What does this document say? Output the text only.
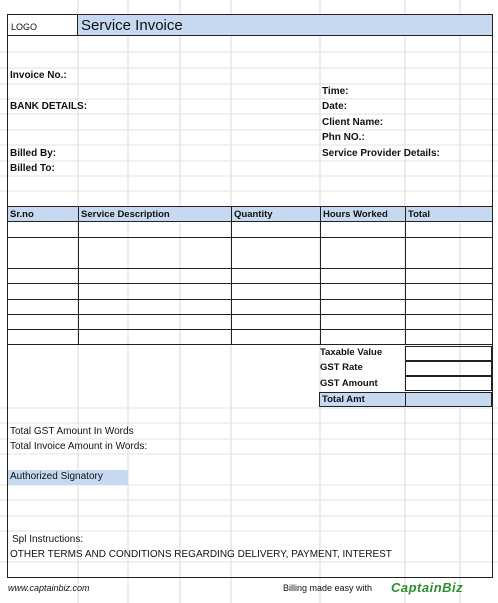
LOGO	Service Invoice
Invoice No.:
BANK DETAILS:
Billed By:
Billed To:
Time:
Date:
Client Name:
Phn NO.:
Service Provider Details:
Sr.no	Service Description	Quantity	Hours Worked	Total
Taxable Value
GST Rate
GST Amount
Total Amt
Total GST Amount In Words
Total Invoice Amount in Words:
Authorized Signatory
Spl Instructions:
OTHER TERMS AND CONDITIONS REGARDING DELIVERY, PAYMENT, INTEREST
www.captainbiz.com	Billing made easy with CaptainBiz
